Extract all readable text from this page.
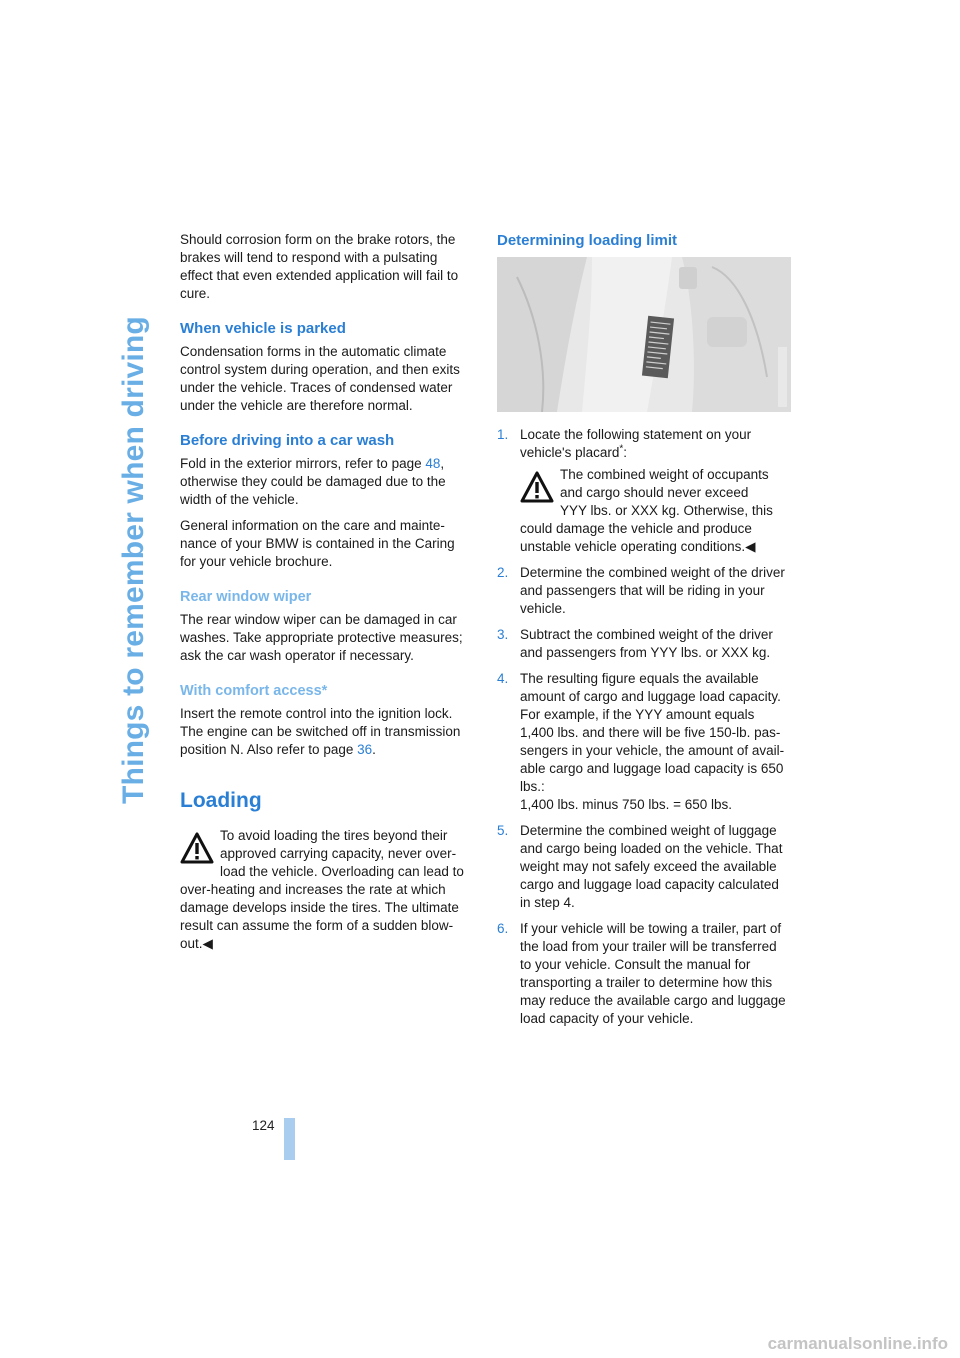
Things to remember when driving
124

Should corrosion form on the brake rotors, the brakes will tend to respond with a pulsating effect that even extended application will fail to cure.

When vehicle is parked

Condensation forms in the automatic climate control system during operation, and then exits under the vehicle. Traces of condensed water under the vehicle are therefore normal.

Before driving into a car wash

Fold in the exterior mirrors, refer to page 48, otherwise they could be damaged due to the width of the vehicle.

General information on the care and mainte-nance of your BMW is contained in the Caring for your vehicle brochure.

Rear window wiper

The rear window wiper can be damaged in car washes. Take appropriate protective measures; ask the car wash operator if necessary.

With comfort access*

Insert the remote control into the ignition lock. The engine can be switched off in transmission position N. Also refer to page 36.

Loading
To avoid loading the tires beyond their approved carrying capacity, never over-
load the vehicle. Overloading can lead to over-heating and increases the rate at which damage develops inside the tires. The ultimate result can assume the form of a sudden blow-out.◀
Determining loading limit
1. Locate the following statement on your vehicle's placard*:
The combined weight of occupants and cargo should never exceed
YYY lbs. or XXX kg. Otherwise, this could damage the vehicle and produce unstable vehicle operating conditions.◀
2. Determine the combined weight of the driver and passengers that will be riding in your vehicle.
3. Subtract the combined weight of the driver and passengers from YYY lbs. or XXX kg.
4. The resulting figure equals the available amount of cargo and luggage load capacity. For example, if the YYY amount equals 1,400 lbs. and there will be five 150-lb. pas-sengers in your vehicle, the amount of avail-able cargo and luggage load capacity is 650 lbs.:
1,400 lbs. minus 750 lbs. = 650 lbs.
5. Determine the combined weight of luggage and cargo being loaded on the vehicle. That weight may not safely exceed the available cargo and luggage load capacity calculated in step 4.
6. If your vehicle will be towing a trailer, part of the load from your trailer will be transferred to your vehicle. Consult the manual for transporting a trailer to determine how this may reduce the available cargo and luggage load capacity of your vehicle.
carmanualsonline.info
